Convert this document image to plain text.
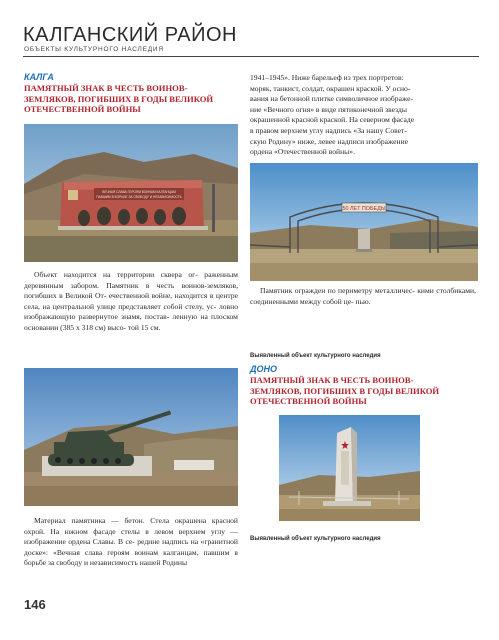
КАЛГАНСКИЙ РАЙОН
ОБЪЕКТЫ КУЛЬТУРНОГО НАСЛЕДИЯ
КАЛГА
ПАМЯТНЫЙ ЗНАК В ЧЕСТЬ ВОИНОВ-
ЗЕМЛЯКОВ, ПОГИБШИХ В ГОДЫ ВЕЛИКОЙ
ОТЕЧЕСТВЕННОЙ ВОЙНЫ
ВЕЧНАЯ СЛАВА ГЕРОЯМ ВОИНАМ КАЛГАНЦАМ
ПАВШИМ В БОРЬБЕ ЗА СВОБОДУ И НЕЗАВИСИМОСТЬ

Объект находится на территории сквера ог- раженным деревянным забором. Памятник в честь воинов-земляков, погибших в Великой От- ечественной войне, находится в центре села, на центральной улице представляет собой стелу, ус- ловно изображающую развернутое знамя, постав- ленную на плоском основании (385 x 318 см) высо- той 15 см.

Материал памятника — бетон. Стела окрашена красной охрой. На южном фасаде стелы в левом верхнем углу — изображение ордена Славы. В се- редине надпись на «гранитной доске»: «Вечная слава героям воинам калганцам, павшим в борьбе за свободу и независимость нашей Родины

146
1941–1945». Ниже барельеф из трех портретов:
моряк, танкист, солдат, окрашен краской. У осно-
вания на бетонной плитке символичное изображе-
ние «Вечного огня» в виде пятиконечной звезды
окрашенной красной краской. На северном фасаде
в правом верхнем углу надпись «За нашу Совет-
скую Родину» ниже, левее надписи изображение
ордена «Отечественной войны».
50 ЛЕТ ПОБЕДЫ

Памятник огражден по периметру металличес- кими столбиками, соединенными между собой це- пью.

Выявленный объект культурного наследия
ДОНО
ПАМЯТНЫЙ ЗНАК В ЧЕСТЬ ВОИНОВ-
ЗЕМЛЯКОВ, ПОГИБШИХ В ГОДЫ ВЕЛИКОЙ
ОТЕЧЕСТВЕННОЙ ВОЙНЫ
Выявленный объект культурного наследия
